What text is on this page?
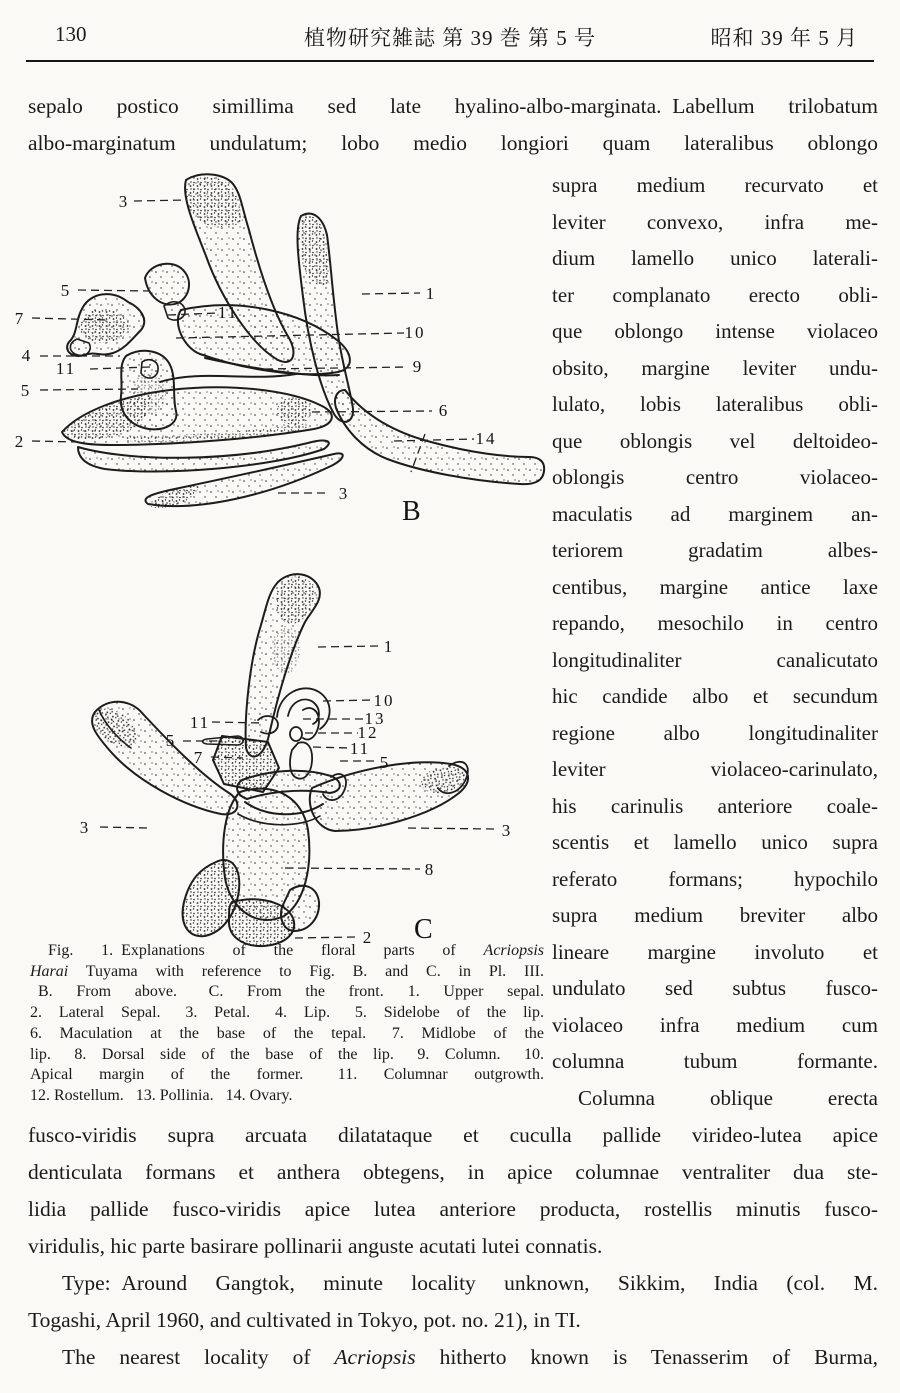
130	植物研究雑誌 第 39 巻 第 5 号	昭和 39 年 5 月
sepalo postico simillima sed late hyalino-albo-marginata. Labellum trilobatum
albo-marginatum undulatum; lobo medio longiori quam lateralibus oblongo
supra medium recurvato et
leviter convexo, infra me-
dium lamello unico laterali-
ter complanato erecto obli-
que oblongo intense violaceo
obsito, margine leviter undu-
lulato, lobis lateralibus obli-
que oblongis vel deltoideo-
oblongis centro violaceo-
maculatis ad marginem an-
teriorem gradatim albes-
centibus, margine antice laxe
repando, mesochilo in centro
longitudinaliter canalicutato
hic candide albo et secundum
regione albo longitudinaliter
leviter violaceo-carinulato,
his carinulis anteriore coale-
scentis et lamello unico supra
referato formans; hypochilo
supra medium breviter albo
lineare margine involuto et
undulato sed subtus fusco-
violaceo infra medium cum
columna tubum formante.
Columna oblique erecta
3
5
7	11
1
10
4
11	9
5
6
2	14
3
B
1
10
11	13
12
5	11
7	5
3	3
8
2 C
Fig. 1. Explanations of the floral parts of Acriopsis
Harai Tuyama with reference to Fig. B. and C. in Pl. III.
B. From above.  C. From the front.   1. Upper sepal.
2. Lateral Sepal.  3. Petal.  4. Lip.  5. Sidelobe of the lip.
6. Maculation at the base of the tepal.  7. Midlobe of the
lip.  8. Dorsal side of the base of the lip.  9. Column.  10.
Apical margin of the former.  11. Columnar outgrowth.
12. Rostellum.  13. Pollinia.  14. Ovary.
fusco-viridis supra arcuata dilatataque et cuculla pallide virideo-lutea apice
denticulata formans et anthera obtegens, in apice columnae ventraliter dua ste-
lidia pallide fusco-viridis apice lutea anteriore producta, rostellis minutis fusco-
viridulis, hic parte basirare pollinarii anguste acutati lutei connatis.
Type: Around Gangtok, minute locality unknown, Sikkim, India (col. M.
Togashi, April 1960, and cultivated in Tokyo, pot. no. 21), in TI.
The nearest locality of Acriopsis hitherto known is Tenasserim of Burma,
